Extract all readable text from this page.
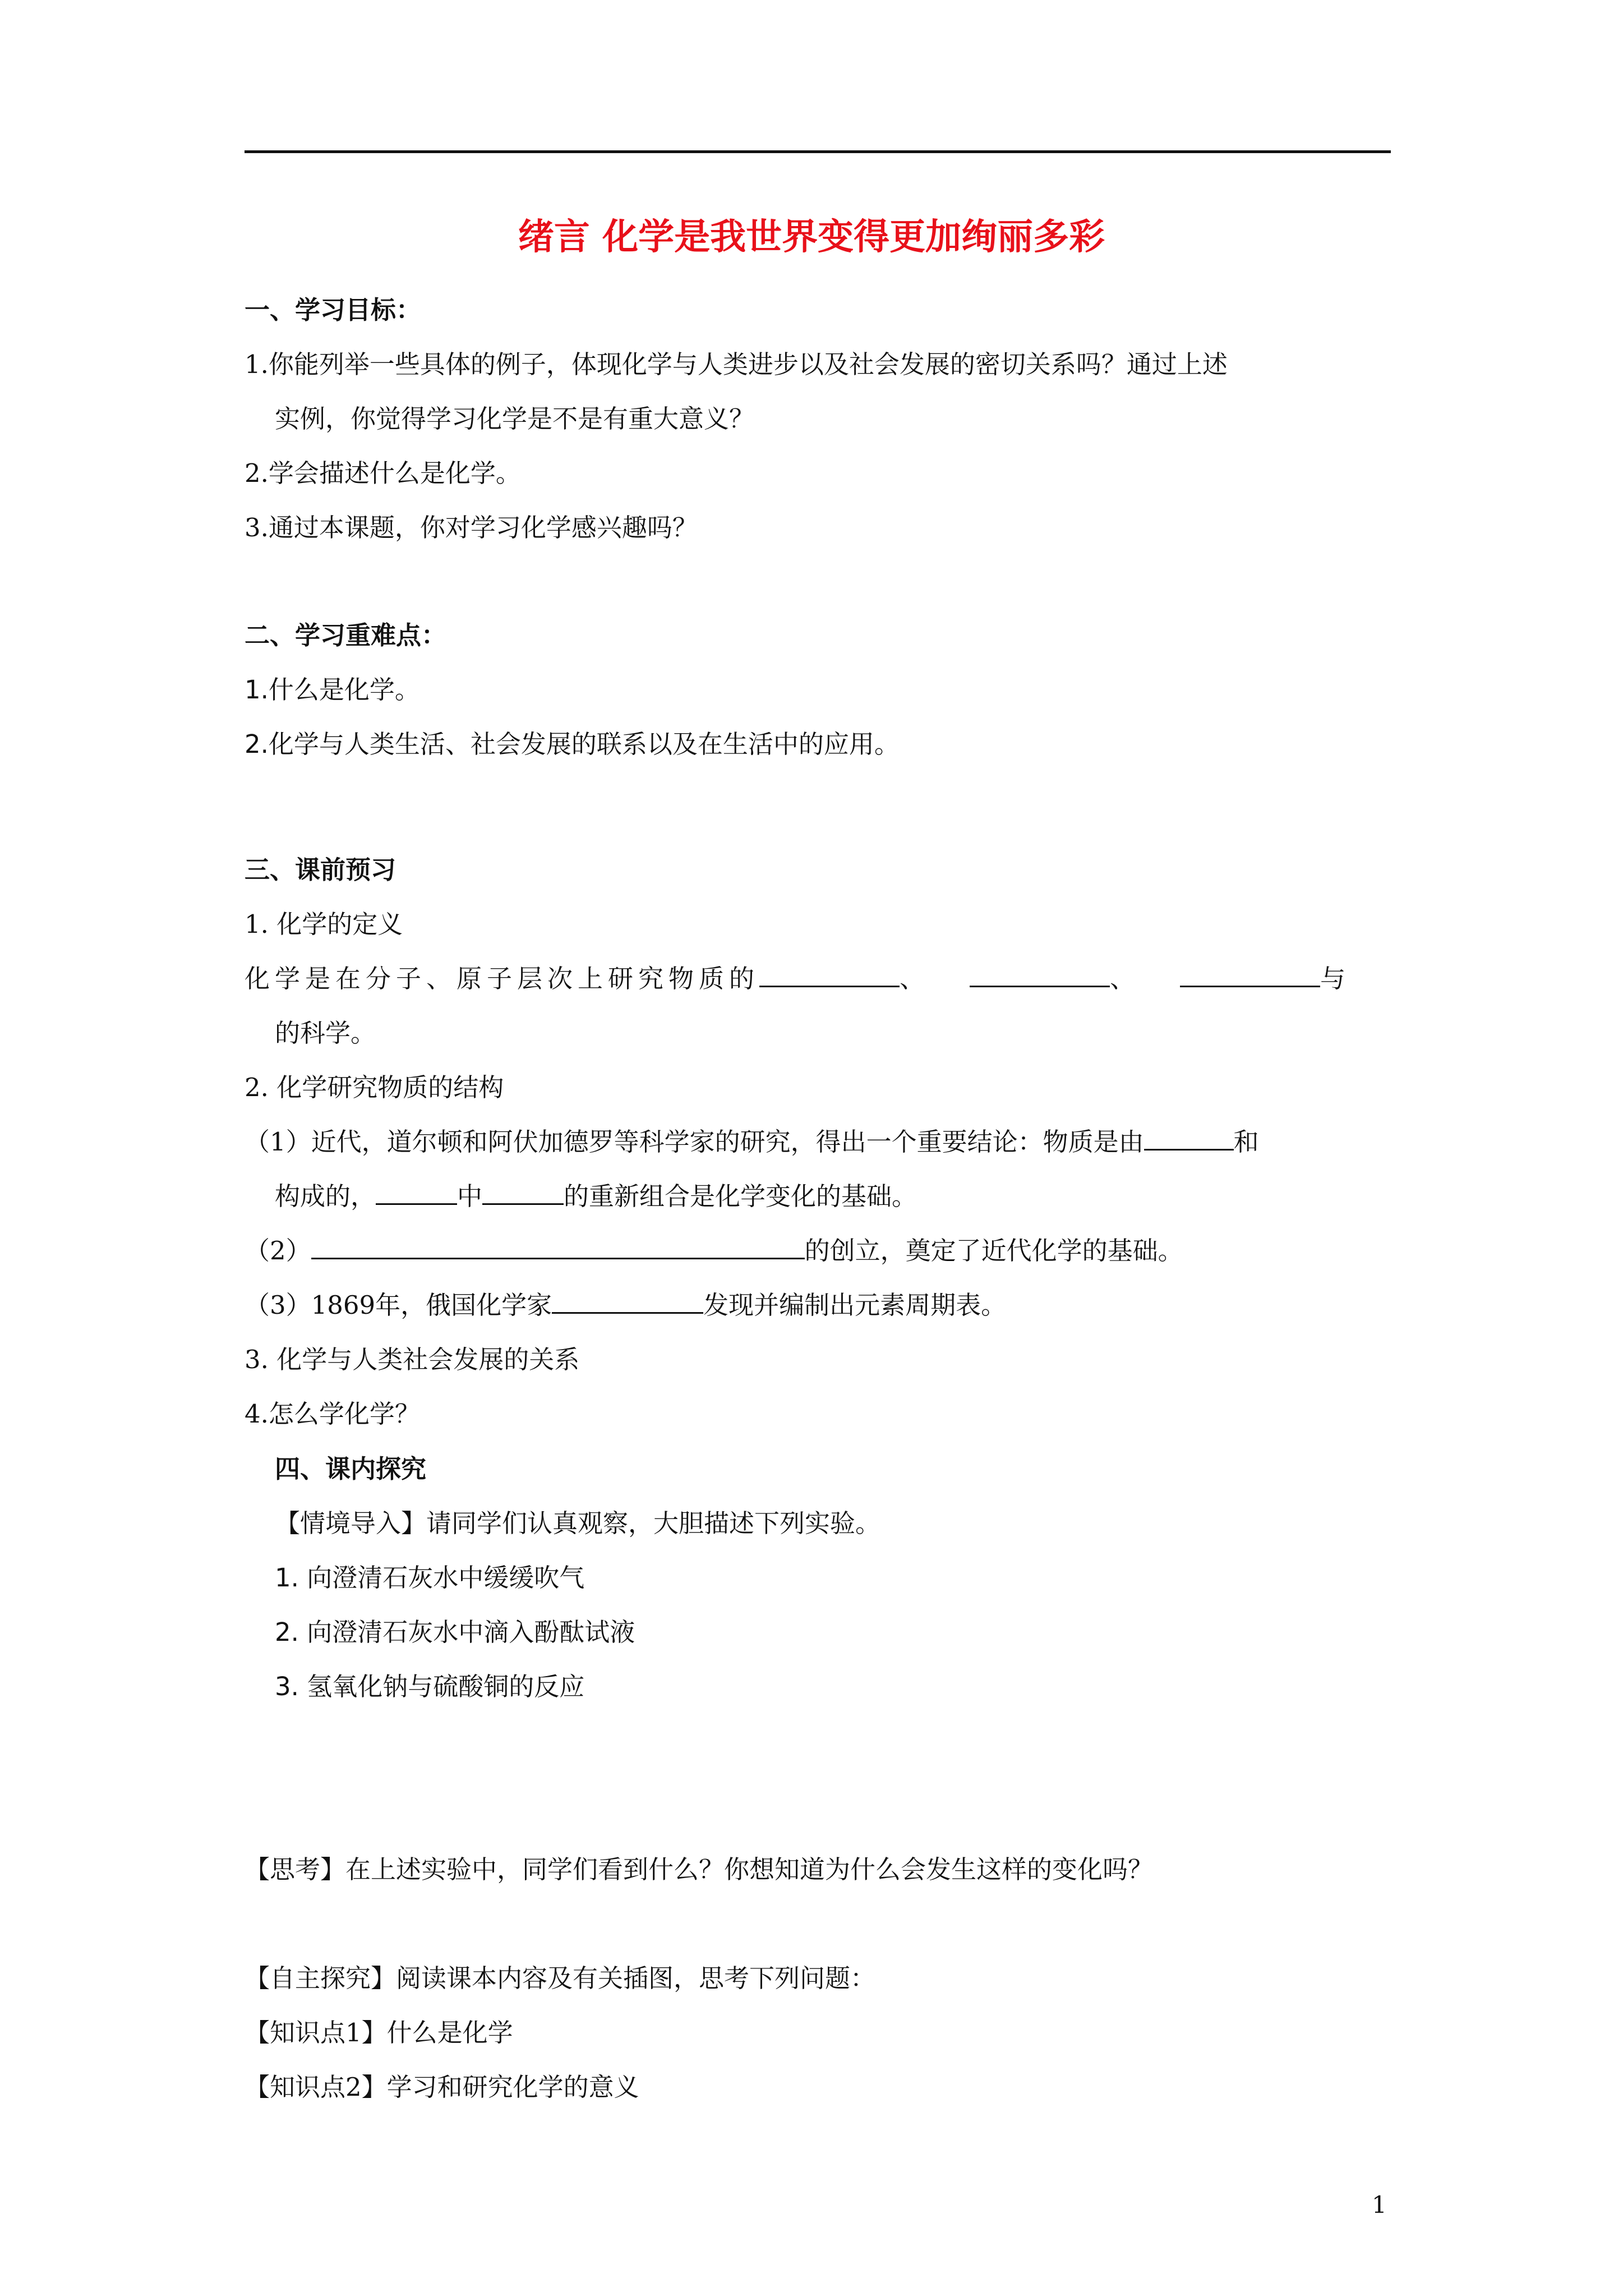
绪言 化学是我世界变得更加绚丽多彩
一、学习目标：
1.你能列举一些具体的例子，体现化学与人类进步以及社会发展的密切关系吗？通过上述
实例，你觉得学习化学是不是有重大意义？
2.学会描述什么是化学。
3.通过本课题，你对学习化学感兴趣吗？
二、学习重难点：
1.什么是化学。
2.化学与人类生活、社会发展的联系以及在生活中的应用。
三、课前预习
1. 化学的定义
化学是在分子、原子层次上研究物质的	、	、	与
的科学。
2. 化学研究物质的结构
（1）近代，道尔顿和阿伏加德罗等科学家的研究，得出一个重要结论：物质是由	和
构成的，	中	的重新组合是化学变化的基础。
（2）	的创立，奠定了近代化学的基础。
（3）1869年，俄国化学家	发现并编制出元素周期表。
3. 化学与人类社会发展的关系
4.怎么学化学？
四、课内探究
【情境导入】请同学们认真观察，大胆描述下列实验。
1. 向澄清石灰水中缓缓吹气
2. 向澄清石灰水中滴入酚酞试液
3. 氢氧化钠与硫酸铜的反应
【思考】在上述实验中，同学们看到什么？你想知道为什么会发生这样的变化吗？
【自主探究】阅读课本内容及有关插图，思考下列问题：
【知识点1】什么是化学
【知识点2】学习和研究化学的意义
1
